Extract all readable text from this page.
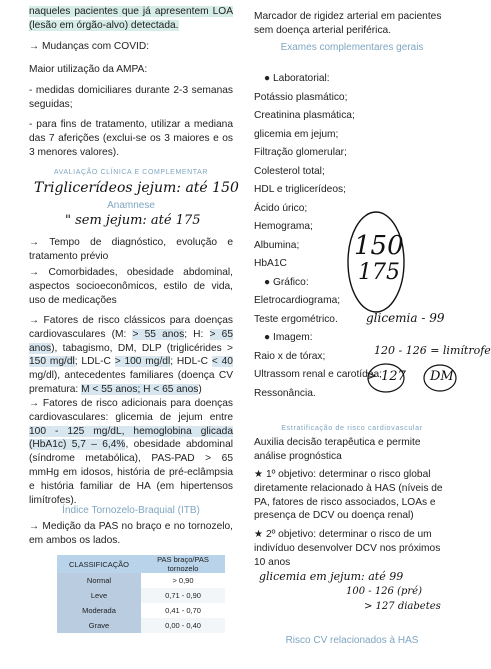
naqueles pacientes que já apresentem LOA (lesão em órgão-alvo) detectada.

→ Mudanças com COVID:

Maior utilização da AMPA:

- medidas domiciliares durante 2-3 semanas seguidas;

- para fins de tratamento, utilizar a mediana das 7 aferições (exclui-se os 3 maiores e os 3 menores valores).

AVALIAÇÃO CLÍNICA E COMPLEMENTAR
Triglicerídeos jejum: até 150
Anamnese
" sem jejum: até 175

→ Tempo de diagnóstico, evolução e tratamento prévio

→ Comorbidades, obesidade abdominal, aspectos socioeconômicos, estilo de vida, uso de medicações

→ Fatores de risco clássicos para doenças cardiovasculares (M: > 55 anos; H: > 65 anos), tabagismo, DM, DLP (triglicérides > 150 mg/dl; LDL-C > 100 mg/dl; HDL-C < 40 mg/dl), antecedentes familiares (doença CV prematura: M < 55 anos; H < 65 anos)

→ Fatores de risco adicionais para doenças cardiovasculares: glicemia de jejum entre 100 - 125 mg/dL, hemoglobina glicada (HbA1c) 5,7 – 6,4%, obesidade abdominal (síndrome metabólica), PAS-PAD > 65 mmHg em idosos, história de pré-eclâmpsia e história familiar de HA (em hipertensos limítrofes).

Índice Tornozelo-Braquial (ITB)

→ Medição da PAS no braço e no tornozelo, em ambos os lados.

CLASSIFICAÇÃO	PAS braço/PAS tornozelo
Normal	> 0,90
Leve	0,71 - 0,90
Moderada	0,41 - 0,70
Grave	0,00 - 0,40

Marcador de rigidez arterial em pacientes sem doença arterial periférica.

Exames complementares gerais

● Laboratorial:

Potássio plasmático;

Creatinina plasmática;

glicemia em jejum;

Filtração glomerular;

Colesterol total;

HDL e triglicerídeos;

Ácido úrico;

Hemograma;

Albumina;

HbA1C

● Gráfico:

Eletrocardiograma;

Teste ergométrico.

● Imagem:

Raio x de tórax;

Ultrassom renal e carotídea;

Ressonância.

Estratificação de risco cardiovascular

Auxilia decisão terapêutica e permite análise prognóstica

★ 1º objetivo: determinar o risco global diretamente relacionado à HAS (níveis de PA, fatores de risco associados, LOAs e presença de DCV ou doença renal)

★ 2º objetivo: determinar o risco de um indivíduo desenvolver DCV nos próximos 10 anos

Risco CV relacionados à HAS
150
175
glicemia - 99
120 - 126 = limítrofe
> 127 DM
glicemia em jejum: até 99
100 - 126 (pré)
> 127 diabetes
